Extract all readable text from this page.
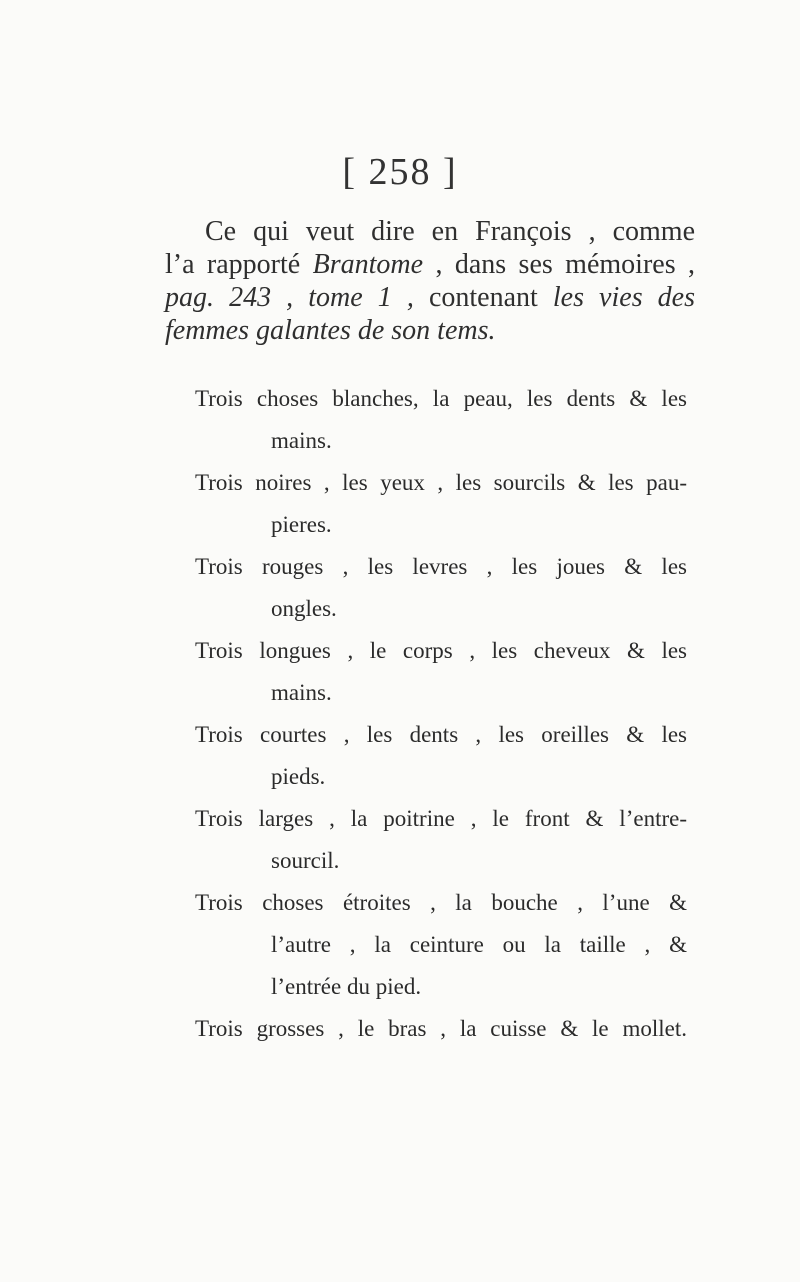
[ 258 ]
Ce qui veut dire en François , comme
l’a rapporté Brantome , dans ses mémoires ,
pag. 243 , tome 1 , contenant les vies des
femmes galantes de son tems.
Trois choses blanches, la peau, les dents & les
mains.
Trois noires , les yeux , les sourcils & les pau-
pieres.
Trois rouges , les levres , les joues & les
ongles.
Trois longues , le corps , les cheveux & les
mains.
Trois courtes , les dents , les oreilles & les
pieds.
Trois larges , la poitrine , le front & l’entre-
sourcil.
Trois choses étroites , la bouche , l’une &
l’autre , la ceinture ou la taille , &
l’entrée du pied.
Trois grosses , le bras , la cuisse & le mollet.
